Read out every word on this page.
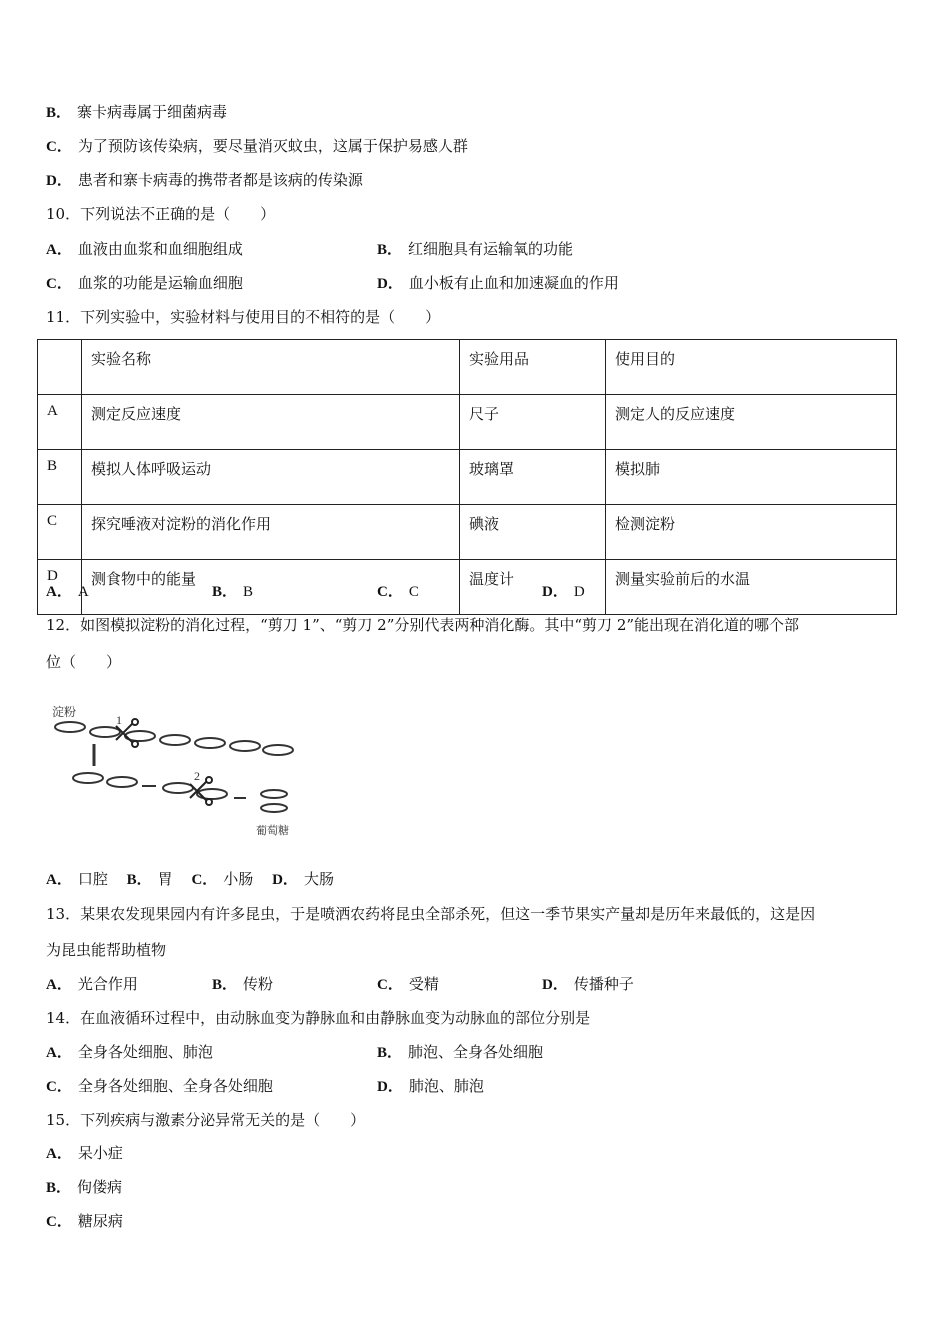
B． 寨卡病毒属于细菌病毒
C． 为了预防该传染病，要尽量消灭蚊虫，这属于保护易感人群
D． 患者和寨卡病毒的携带者都是该病的传染源
10．下列说法不正确的是（　　）
A． 血液由血浆和血细胞组成	B． 红细胞具有运输氧的功能
C． 血浆的功能是运输血细胞	D． 血小板有止血和加速凝血的作用
11．下列实验中，实验材料与使用目的不相符的是（　　）
	实验名称	实验用品	使用目的
A	测定反应速度	尺子	测定人的反应速度
B	模拟人体呼吸运动	玻璃罩	模拟肺
C	探究唾液对淀粉的消化作用	碘液	检测淀粉
D	测食物中的能量	温度计	测量实验前后的水温
A． A	B． B	C． C	D． D
12．如图模拟淀粉的消化过程，“剪刀 1”、“剪刀 2”分别代表两种消化酶。其中“剪刀 2”能出现在消化道的哪个部
位（　　）
淀粉
1
2
葡萄糖
A． 口腔 B． 胃 C． 小肠 D． 大肠
13．某果农发现果园内有许多昆虫，于是喷洒农药将昆虫全部杀死，但这一季节果实产量却是历年来最低的，这是因
为昆虫能帮助植物
A． 光合作用	B． 传粉	C． 受精	D． 传播种子
14．在血液循环过程中，由动脉血变为静脉血和由静脉血变为动脉血的部位分别是
A． 全身各处细胞、肺泡	B． 肺泡、全身各处细胞
C． 全身各处细胞、全身各处细胞	D． 肺泡、肺泡
15．下列疾病与激素分泌异常无关的是（　　）
A． 呆小症
B． 佝偻病
C． 糖尿病
